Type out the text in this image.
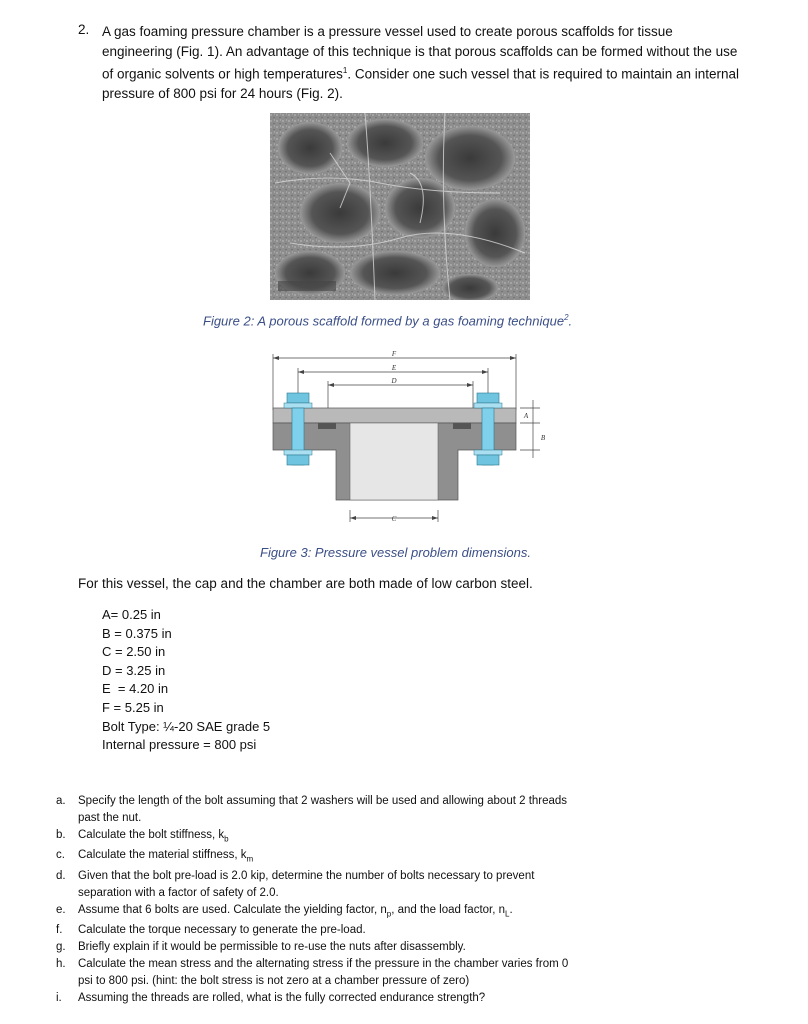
2. A gas foaming pressure chamber is a pressure vessel used to create porous scaffolds for tissue engineering (Fig. 1). An advantage of this technique is that porous scaffolds can be formed without the use of organic solvents or high temperatures$^1$. Consider one such vessel that is required to maintain an internal pressure of 800 psi for 24 hours (Fig. 2).
Figure 2: A porous scaffold formed by a gas foaming technique$^2$.
F
E
D
C
A
B
Figure 3: Pressure vessel problem dimensions.
For this vessel, the cap and the chamber are both made of low carbon steel.
A= 0.25 in
B = 0.375 in
C = 2.50 in
D = 3.25 in
E  = 4.20 in
F = 5.25 in
Bolt Type: ¼-20 SAE grade 5
Internal pressure = 800 psi
a. Specify the length of the bolt assuming that 2 washers will be used and allowing about 2 threads
past the nut.
b. Calculate the bolt stiffness, $k_b$
c. Calculate the material stiffness, $k_m$
d. Given that the bolt pre-load is 2.0 kip, determine the number of bolts necessary to prevent
separation with a factor of safety of 2.0.
e. Assume that 6 bolts are used. Calculate the yielding factor, $n_p$, and the load factor, $n_L$.
f. Calculate the torque necessary to generate the pre-load.
g. Briefly explain if it would be permissible to re-use the nuts after disassembly.
h. Calculate the mean stress and the alternating stress if the pressure in the chamber varies from 0
psi to 800 psi. (hint: the bolt stress is not zero at a chamber pressure of zero)
i. Assuming the threads are rolled, what is the fully corrected endurance strength?
